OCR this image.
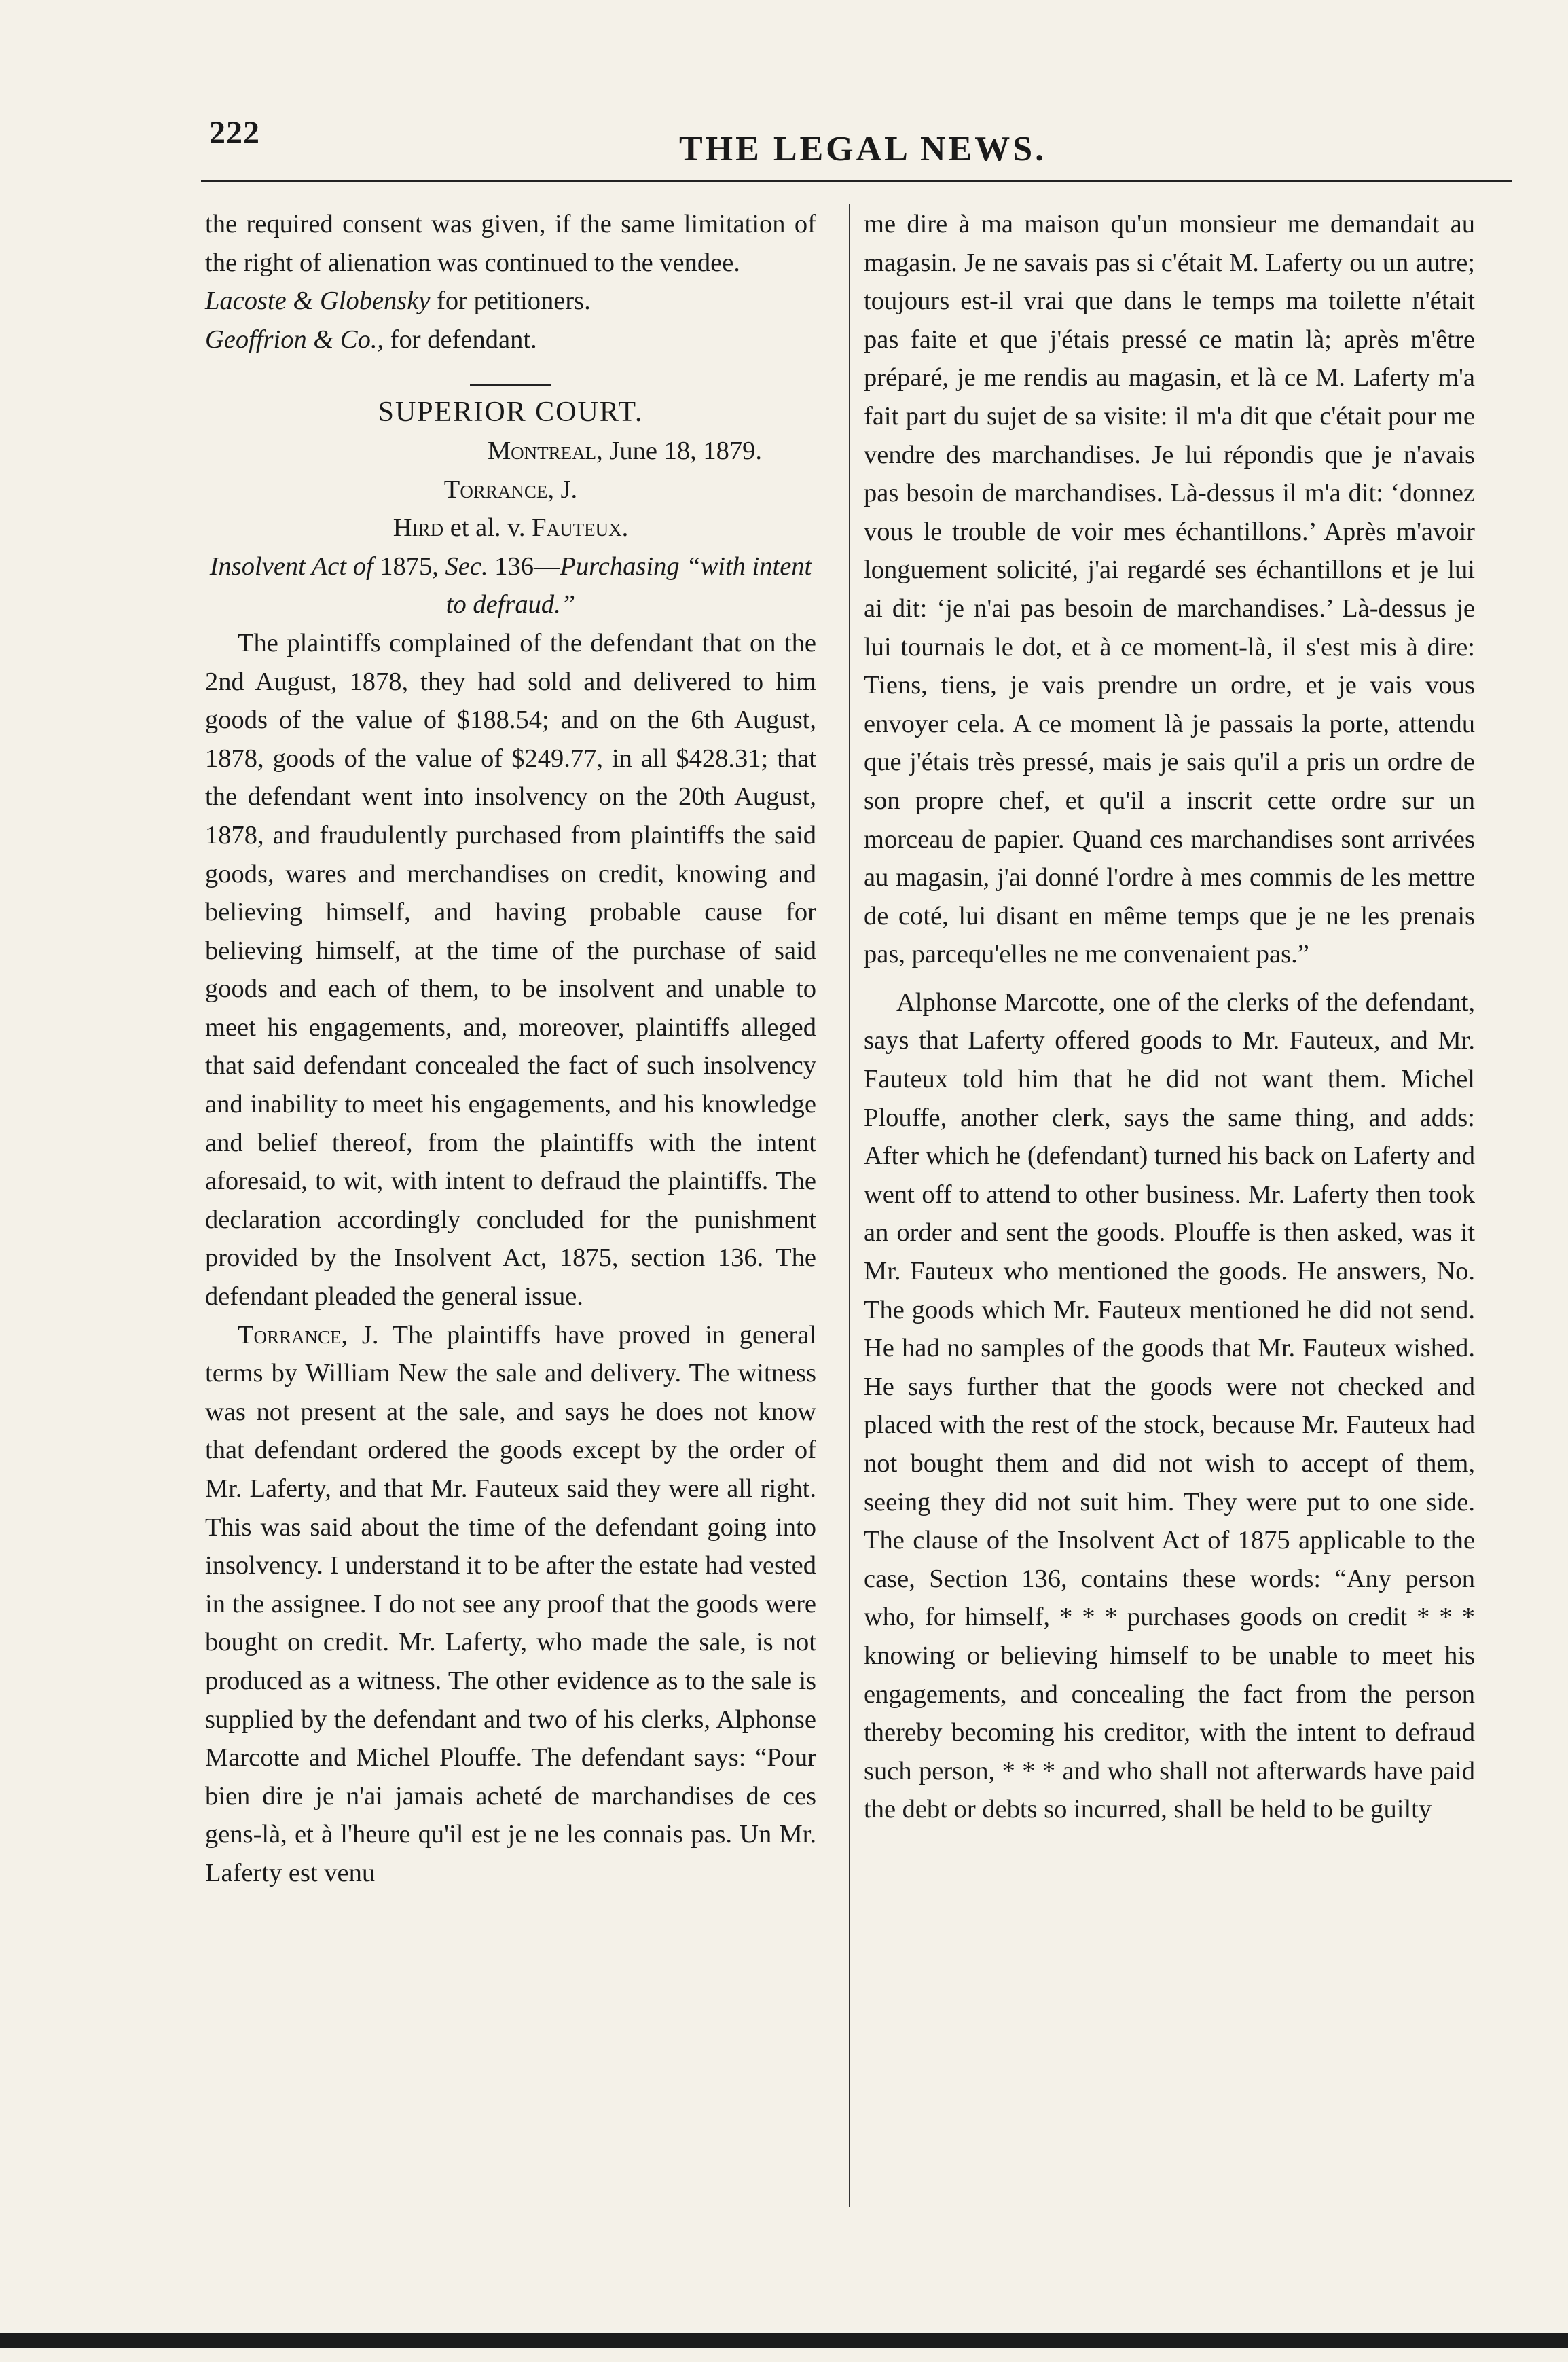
222	THE LEGAL NEWS.

the required consent was given, if the same limitation of the right of alienation was continued to the vendee.

Lacoste & Globensky for petitioners.

Geoffrion & Co., for defendant.

SUPERIOR COURT.

Montreal, June 18, 1879.

Torrance, J.

Hird et al. v. Fauteux.

Insolvent Act of 1875, Sec. 136—Purchasing “with intent to defraud.”

The plaintiffs complained of the defendant that on the 2nd August, 1878, they had sold and delivered to him goods of the value of $188.54; and on the 6th August, 1878, goods of the value of $249.77, in all $428.31; that the defendant went into insolvency on the 20th August, 1878, and fraudulently purchased from plaintiffs the said goods, wares and merchandises on credit, knowing and believing himself, and having probable cause for believing himself, at the time of the purchase of said goods and each of them, to be insolvent and unable to meet his engagements, and, moreover, plaintiffs alleged that said defendant concealed the fact of such insolvency and inability to meet his engagements, and his knowledge and belief thereof, from the plaintiffs with the intent aforesaid, to wit, with intent to defraud the plaintiffs. The declaration accordingly concluded for the punishment provided by the Insolvent Act, 1875, section 136. The defendant pleaded the general issue.

Torrance, J. The plaintiffs have proved in general terms by William New the sale and delivery. The witness was not present at the sale, and says he does not know that defendant ordered the goods except by the order of Mr. Laferty, and that Mr. Fauteux said they were all right. This was said about the time of the defendant going into insolvency. I understand it to be after the estate had vested in the assignee. I do not see any proof that the goods were bought on credit. Mr. Laferty, who made the sale, is not produced as a witness. The other evidence as to the sale is supplied by the defendant and two of his clerks, Alphonse Marcotte and Michel Plouffe. The defendant says: “Pour bien dire je n'ai jamais acheté de marchandises de ces gens-là, et à l'heure qu'il est je ne les connais pas. Un Mr. Laferty est venu

me dire à ma maison qu'un monsieur me demandait au magasin. Je ne savais pas si c'était M. Laferty ou un autre; toujours est-il vrai que dans le temps ma toilette n'était pas faite et que j'étais pressé ce matin là; après m'être préparé, je me rendis au magasin, et là ce M. Laferty m'a fait part du sujet de sa visite: il m'a dit que c'était pour me vendre des marchandises. Je lui répondis que je n'avais pas besoin de marchandises. Là-dessus il m'a dit: ‘donnez vous le trouble de voir mes échantillons.’ Après m'avoir longuement solicité, j'ai regardé ses échantillons et je lui ai dit: ‘je n'ai pas besoin de marchandises.’ Là-dessus je lui tournais le dot, et à ce moment-là, il s'est mis à dire: Tiens, tiens, je vais prendre un ordre, et je vais vous envoyer cela. A ce moment là je passais la porte, attendu que j'étais très pressé, mais je sais qu'il a pris un ordre de son propre chef, et qu'il a inscrit cette ordre sur un morceau de papier. Quand ces marchandises sont arrivées au magasin, j'ai donné l'ordre à mes commis de les mettre de coté, lui disant en même temps que je ne les prenais pas, parcequ'elles ne me convenaient pas.”

Alphonse Marcotte, one of the clerks of the defendant, says that Laferty offered goods to Mr. Fauteux, and Mr. Fauteux told him that he did not want them. Michel Plouffe, another clerk, says the same thing, and adds: After which he (defendant) turned his back on Laferty and went off to attend to other business. Mr. Laferty then took an order and sent the goods. Plouffe is then asked, was it Mr. Fauteux who mentioned the goods. He answers, No. The goods which Mr. Fauteux mentioned he did not send. He had no samples of the goods that Mr. Fauteux wished. He says further that the goods were not checked and placed with the rest of the stock, because Mr. Fauteux had not bought them and did not wish to accept of them, seeing they did not suit him. They were put to one side. The clause of the Insolvent Act of 1875 applicable to the case, Section 136, contains these words: “Any person who, for himself, * * * purchases goods on credit * * * knowing or believing himself to be unable to meet his engagements, and concealing the fact from the person thereby becoming his creditor, with the intent to defraud such person, * * * and who shall not afterwards have paid the debt or debts so incurred, shall be held to be guilty
